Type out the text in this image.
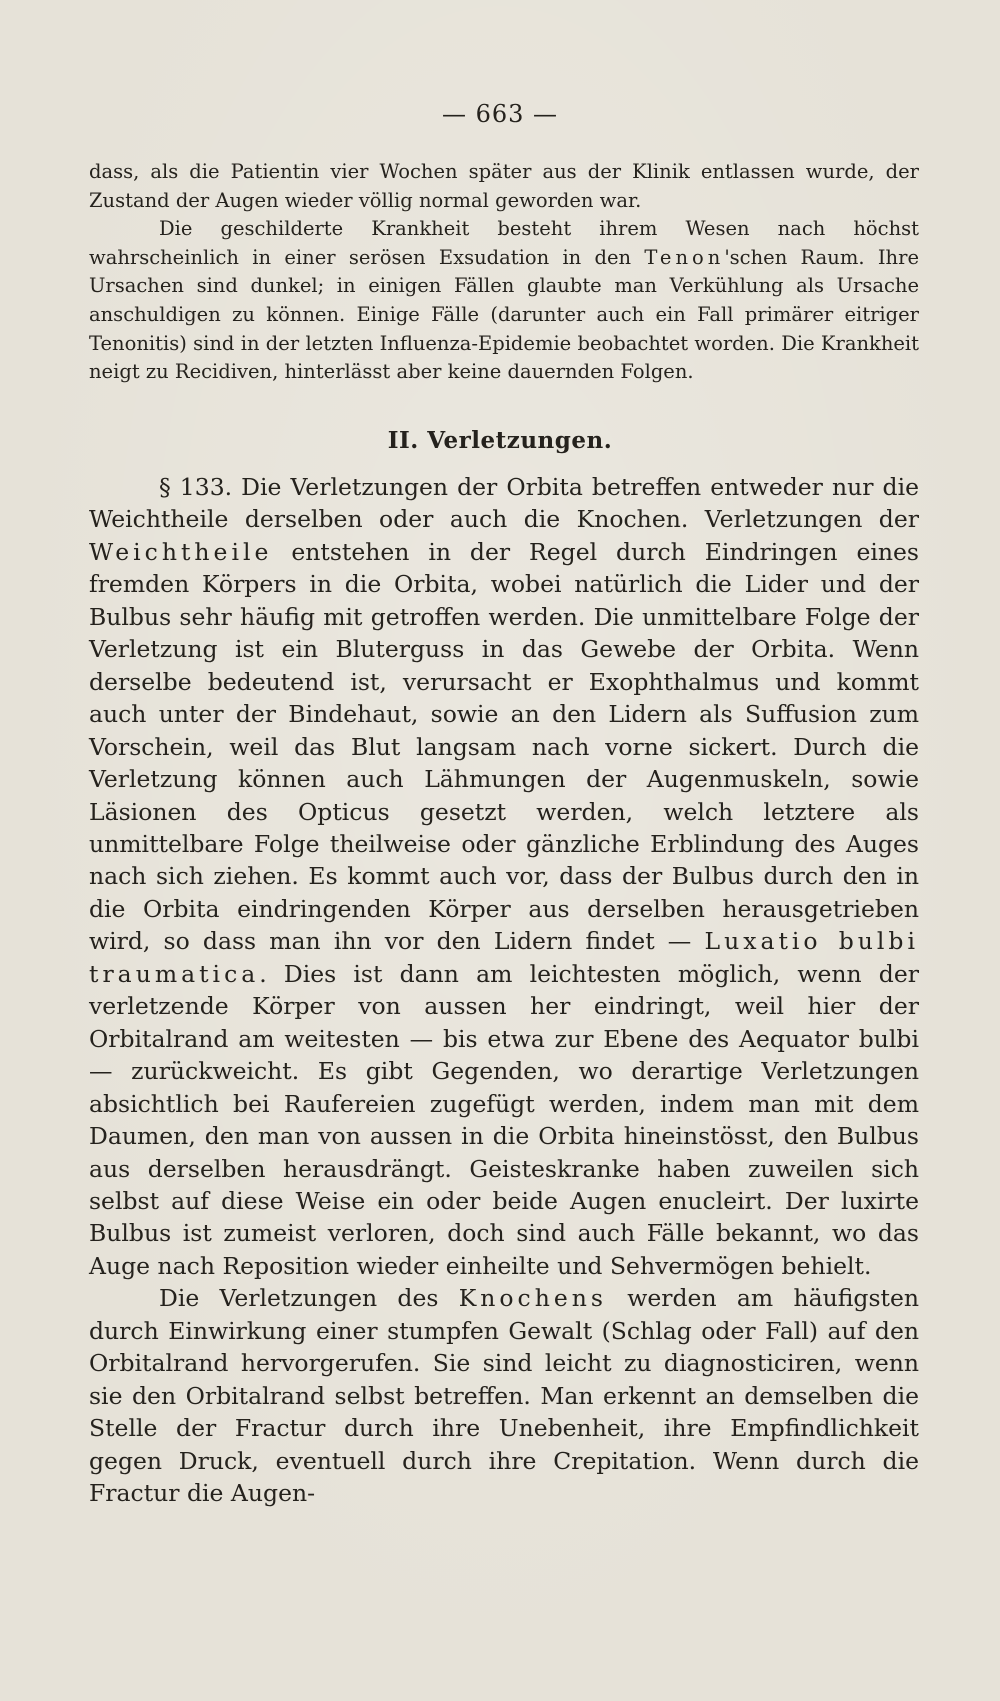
— 663 —

dass, als die Patientin vier Wochen später aus der Klinik entlassen wurde, der Zustand der Augen wieder völlig normal geworden war.

Die geschilderte Krankheit besteht ihrem Wesen nach höchst wahrscheinlich in einer serösen Exsudation in den Tenon'schen Raum. Ihre Ursachen sind dunkel; in einigen Fällen glaubte man Verkühlung als Ursache anschuldigen zu können. Einige Fälle (darunter auch ein Fall primärer eitriger Tenonitis) sind in der letzten Influenza-Epidemie beobachtet worden. Die Krankheit neigt zu Recidiven, hinterlässt aber keine dauernden Folgen.

II. Verletzungen.

§ 133. Die Verletzungen der Orbita betreffen entweder nur die Weichtheile derselben oder auch die Knochen. Verletzungen der Weichtheile entstehen in der Regel durch Eindringen eines fremden Körpers in die Orbita, wobei natürlich die Lider und der Bulbus sehr häufig mit getroffen werden. Die unmittelbare Folge der Verletzung ist ein Bluterguss in das Gewebe der Orbita. Wenn derselbe bedeutend ist, verursacht er Exophthalmus und kommt auch unter der Bindehaut, sowie an den Lidern als Suffusion zum Vorschein, weil das Blut langsam nach vorne sickert. Durch die Verletzung können auch Lähmungen der Augenmuskeln, sowie Läsionen des Opticus gesetzt werden, welch letztere als unmittelbare Folge theilweise oder gänzliche Erblindung des Auges nach sich ziehen. Es kommt auch vor, dass der Bulbus durch den in die Orbita eindringenden Körper aus derselben herausgetrieben wird, so dass man ihn vor den Lidern findet — Luxatio bulbi traumatica. Dies ist dann am leichtesten möglich, wenn der verletzende Körper von aussen her eindringt, weil hier der Orbitalrand am weitesten — bis etwa zur Ebene des Aequator bulbi — zurückweicht. Es gibt Gegenden, wo derartige Verletzungen absichtlich bei Raufereien zugefügt werden, indem man mit dem Daumen, den man von aussen in die Orbita hineinstösst, den Bulbus aus derselben herausdrängt. Geisteskranke haben zuweilen sich selbst auf diese Weise ein oder beide Augen enucleirt. Der luxirte Bulbus ist zumeist verloren, doch sind auch Fälle bekannt, wo das Auge nach Reposition wieder einheilte und Sehvermögen behielt.

Die Verletzungen des Knochens werden am häufigsten durch Einwirkung einer stumpfen Gewalt (Schlag oder Fall) auf den Orbitalrand hervorgerufen. Sie sind leicht zu diagnosticiren, wenn sie den Orbitalrand selbst betreffen. Man erkennt an demselben die Stelle der Fractur durch ihre Unebenheit, ihre Empfindlichkeit gegen Druck, eventuell durch ihre Crepitation. Wenn durch die Fractur die Augen-
